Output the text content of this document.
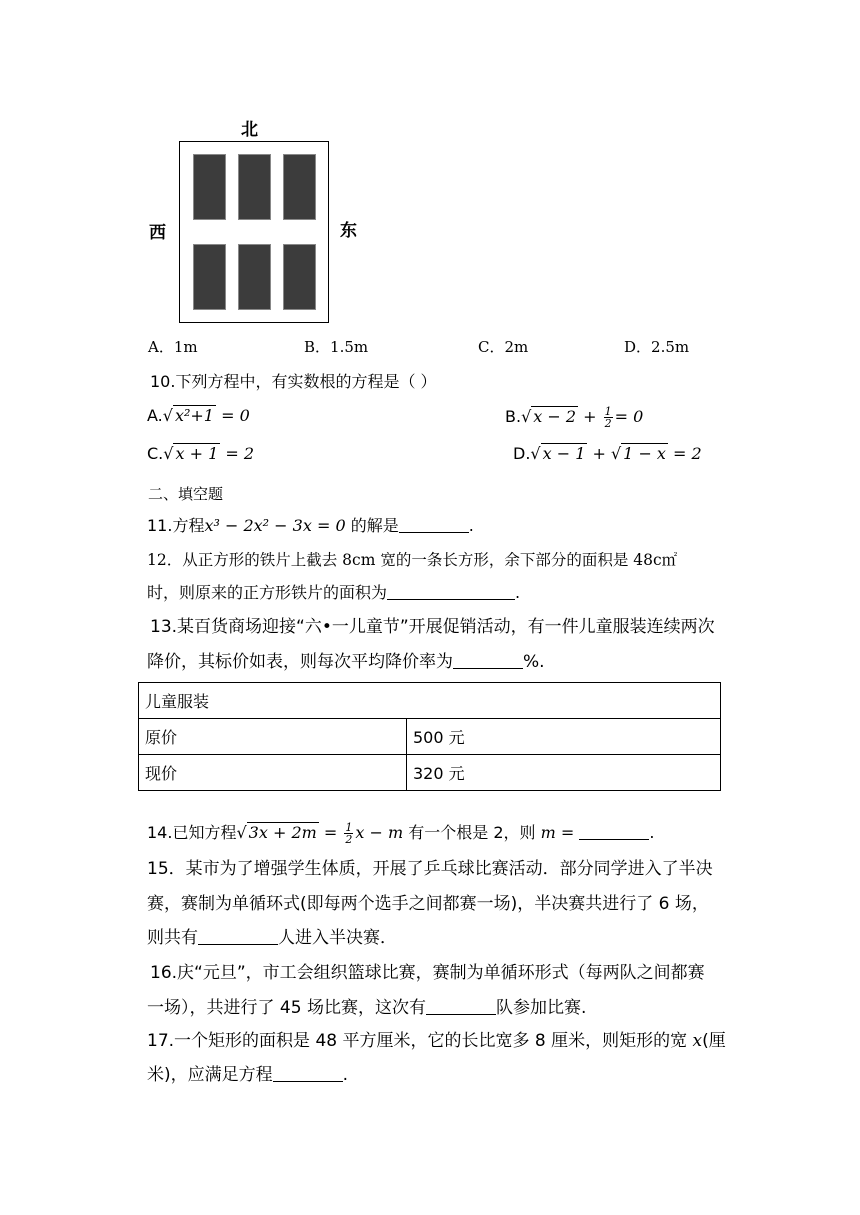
北
西	东
A．1m	B．1.5m	C．2m	D．2.5m
10.下列方程中，有实数根的方程是（ ）
A.√ x²+1 = 0	B.√ $x - 2 + \frac{1}{2} = 0$
C.√ x + 1 = 2	D.√ x − 1 + √ 1 − x = 2
二、填空题
11.方程x³ − 2x² − 3x = 0 的解是	.
12．从正方形的铁片上截去 8cm 宽的一条长方形，余下部分的面积是 48c㎡
时，则原来的正方形铁片的面积为	.
13.某百货商场迎接“六•一儿童节”开展促销活动，有一件儿童服装连续两次
降价，其标价如表，则每次平均降价率为	%.
儿童服装	
原价	500 元
现价	320 元
14.已知方程√ $3x + 2m = \frac{1}{2}$ x − m 有一个根是 2，则 m =	.
15．某市为了增强学生体质，开展了乒乓球比赛活动．部分同学进入了半决
赛，赛制为单循环式(即每两个选手之间都赛一场)，半决赛共进行了 6 场，
则共有	人进入半决赛．
16.庆“元旦”，市工会组织篮球比赛，赛制为单循环形式（每两队之间都赛
一场），共进行了 45 场比赛，这次有	队参加比赛.
17.一个矩形的面积是 48 平方厘米，它的长比宽多 8 厘米，则矩形的宽 x(厘
米)，应满足方程	.
